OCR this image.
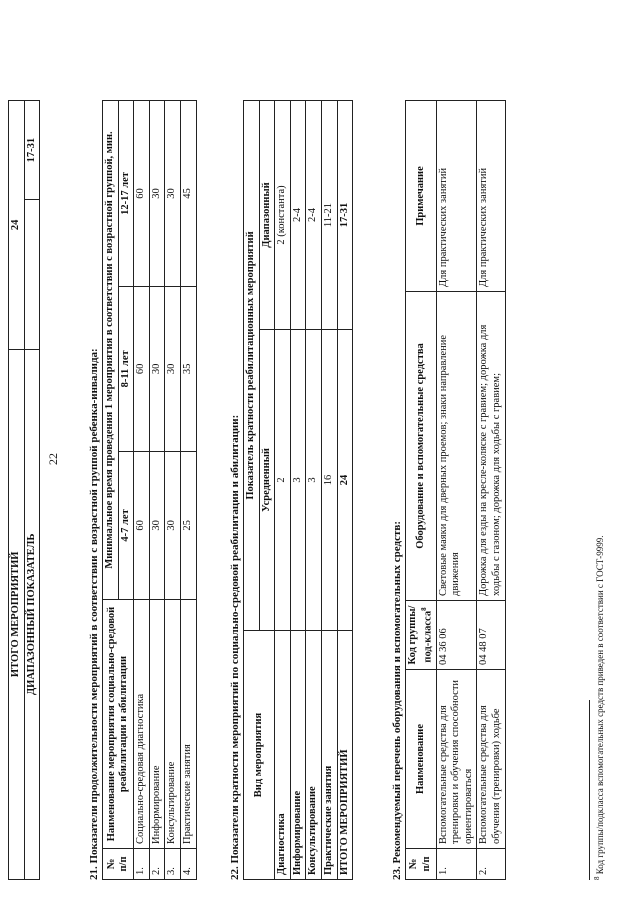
ИТОГО МЕРОПРИЯТИЙ	24	
ДИАПАЗОННЫЙ ПОКАЗАТЕЛЬ		17-31
22	21. Показатели продолжительности мероприятий в соответствии с возрастной группой ребенка-инвалида: № п/п	Наименование мероприятия социально-средовой реабилитации и абилитации	Минимальное время проведения 1 мероприятия в соответствии с возрастной группой, мин.		
		4-7 лет	8-11 лет	12-17 лет
1.	Социально-средовая диагностика	60	60	60
2.	Информирование	30	30	30
3.	Консультирование	30	30	30
4.	Практические занятия	25	35	45
22. Показатели кратности мероприятий по социально-средовой реабилитации и абилитации: Вид мероприятия	Показатель кратности реабилитационных мероприятий	
	Усредненный	Диапазонный
Диагностика	2	2 (константа)
Информирование	3	2-4
Консультирование	3	2-4
Практические занятия	16	11-21
ИТОГО МЕРОПРИЯТИЙ	24	17-31
23. Рекомендуемый перечень оборудования и вспомогательных средств: № п/п	Наименование	Код группы/под-класса$^8$	Оборудование и вспомогательные средства	Примечание
1.	Вспомогательные средства для тренировки и обучения способности ориентироваться	04 36 06	Световые маяки для дверных проемов; знаки направление движения	Для практических занятий
2.	Вспомогательные средства для обучения (тренировки) ходьбе	04 48 07	Дорожка для езды на кресле-коляске с гравием; дорожка для ходьбы с газоном; дорожка для ходьбы с гравием;	Для практических занятий
$^8$ Код группы/подкласса вспомогательных средств приведен в соответствии с ГОСТ-9999.
